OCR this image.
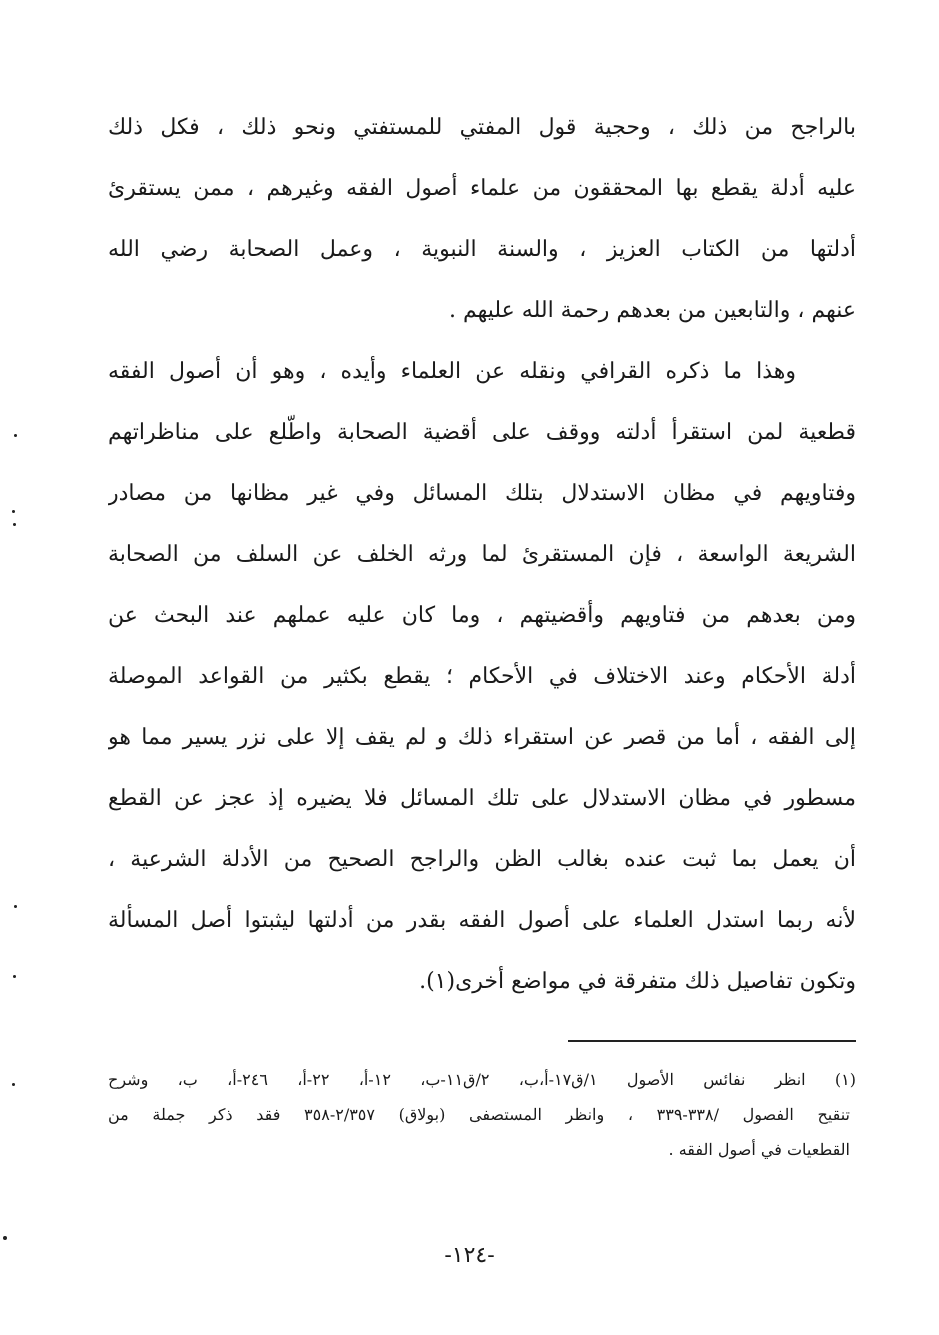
بالراجح من ذلك ، وحجية قول المفتي للمستفتي ونحو ذلك ، فكل ذلك
عليه أدلة يقطع بها المحققون من علماء أصول الفقه وغيرهم ، ممن يستقرئ
أدلتها من الكتاب العزيز ، والسنة النبوية ، وعمل الصحابة رضي الله
عنهم ، والتابعين من بعدهم رحمة الله عليهم .
وهذا ما ذكره القرافي ونقله عن العلماء وأيده ، وهو أن أصول الفقه
قطعية لمن استقرأ أدلته ووقف على أقضية الصحابة واطّلع على مناظراتهم
وفتاويهم في مظان الاستدلال بتلك المسائل وفي غير مظانها من مصادر
الشريعة الواسعة ، فإن المستقرئ لما ورثه الخلف عن السلف من الصحابة
ومن بعدهم من فتاويهم وأقضيتهم ، وما كان عليه عملهم عند البحث عن
أدلة الأحكام وعند الاختلاف في الأحكام ؛ يقطع بكثير من القواعد الموصلة
إلى الفقه ، أما من قصر عن استقراء ذلك و لم يقف إلا على نزر يسير مما هو
مسطور في مظان الاستدلال على تلك المسائل فلا يضيره إذ عجز عن القطع
أن يعمل بما ثبت عنده بغالب الظن والراجح الصحيح من الأدلة الشرعية ،
لأنه ربما استدل العلماء على أصول الفقه بقدر من أدلتها ليثبتوا أصل المسألة
وتكون تفاصيل ذلك متفرقة في مواضع أخرى(١).
(١) انظر نفائس الأصول ١/ق١٧-أ،ب، ٢/ق١١-ب، ١٢-أ، ٢٢-أ، ٢٤٦-أ، ب، وشرح
تنقيح الفصول /٣٣٨-٣٣٩ ، وانظر المستصفى (بولاق) ٢/٣٥٧-٣٥٨ فقد ذكر جملة من
القطعيات في أصول الفقه .
-١٢٤-
